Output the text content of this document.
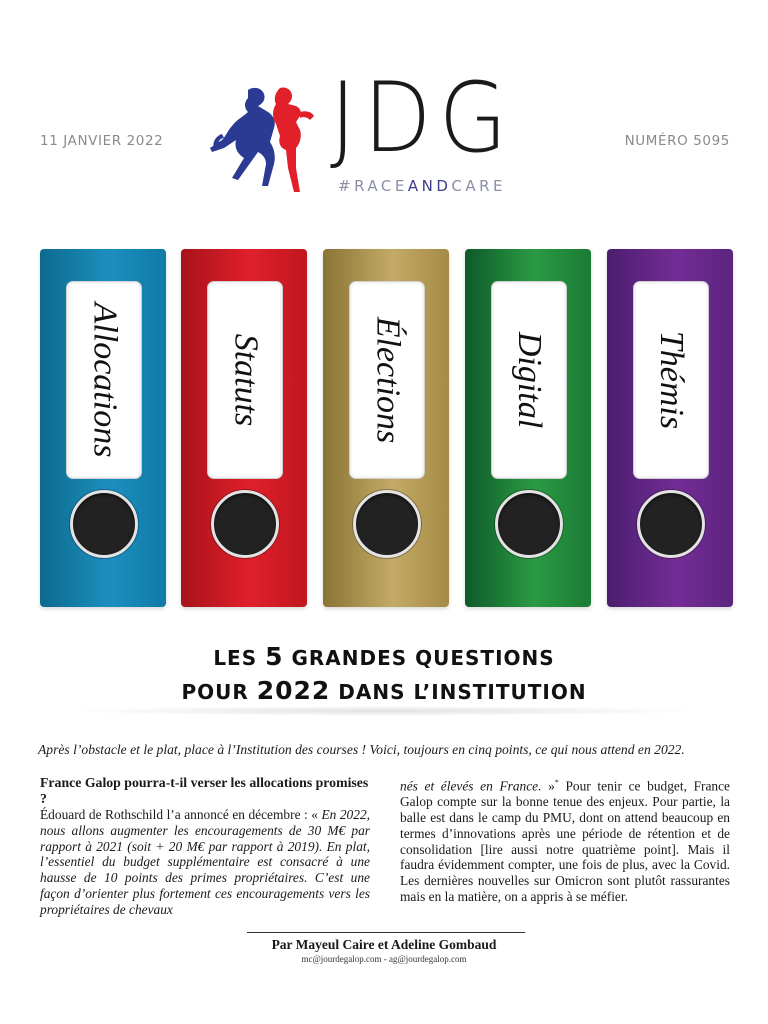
11 JANVIER 2022	NUMÉRO 5095
JDG
#RACEANDCARE
Allocations	Statuts	Élections	Digital	Thémis
LES 5 GRANDES QUESTIONS
POUR 2022 DANS L’INSTITUTION
Après l’obstacle et le plat, place à l’Institution des courses ! Voici, toujours en cinq points, ce qui nous attend en 2022.

France Galop pourra-t-il verser les allocations promises ?

Édouard de Rothschild l’a annoncé en décembre : « En 2022, nous allons augmenter les encouragements de 30 M€ par rapport à 2021 (soit + 20 M€ par rapport à 2019). En plat, l’essentiel du budget supplémentaire est consacré à une hausse de 10 points des primes propriétaires. C’est une façon d’orienter plus fortement ces encouragements vers les propriétaires de chevaux

nés et élevés en France. »* Pour tenir ce budget, France Galop compte sur la bonne tenue des enjeux. Pour partie, la balle est dans le camp du PMU, dont on attend beaucoup en termes d’innovations après une période de rétention et de consolidation [lire aussi notre quatrième point]. Mais il faudra évidemment compter, une fois de plus, avec la Covid. Les dernières nouvelles sur Omicron sont plutôt rassurantes mais en la matière, on a appris à se méfier.

Par Mayeul Caire et Adeline Gombaud
mc@jourdegalop.com - ag@jourdegalop.com
